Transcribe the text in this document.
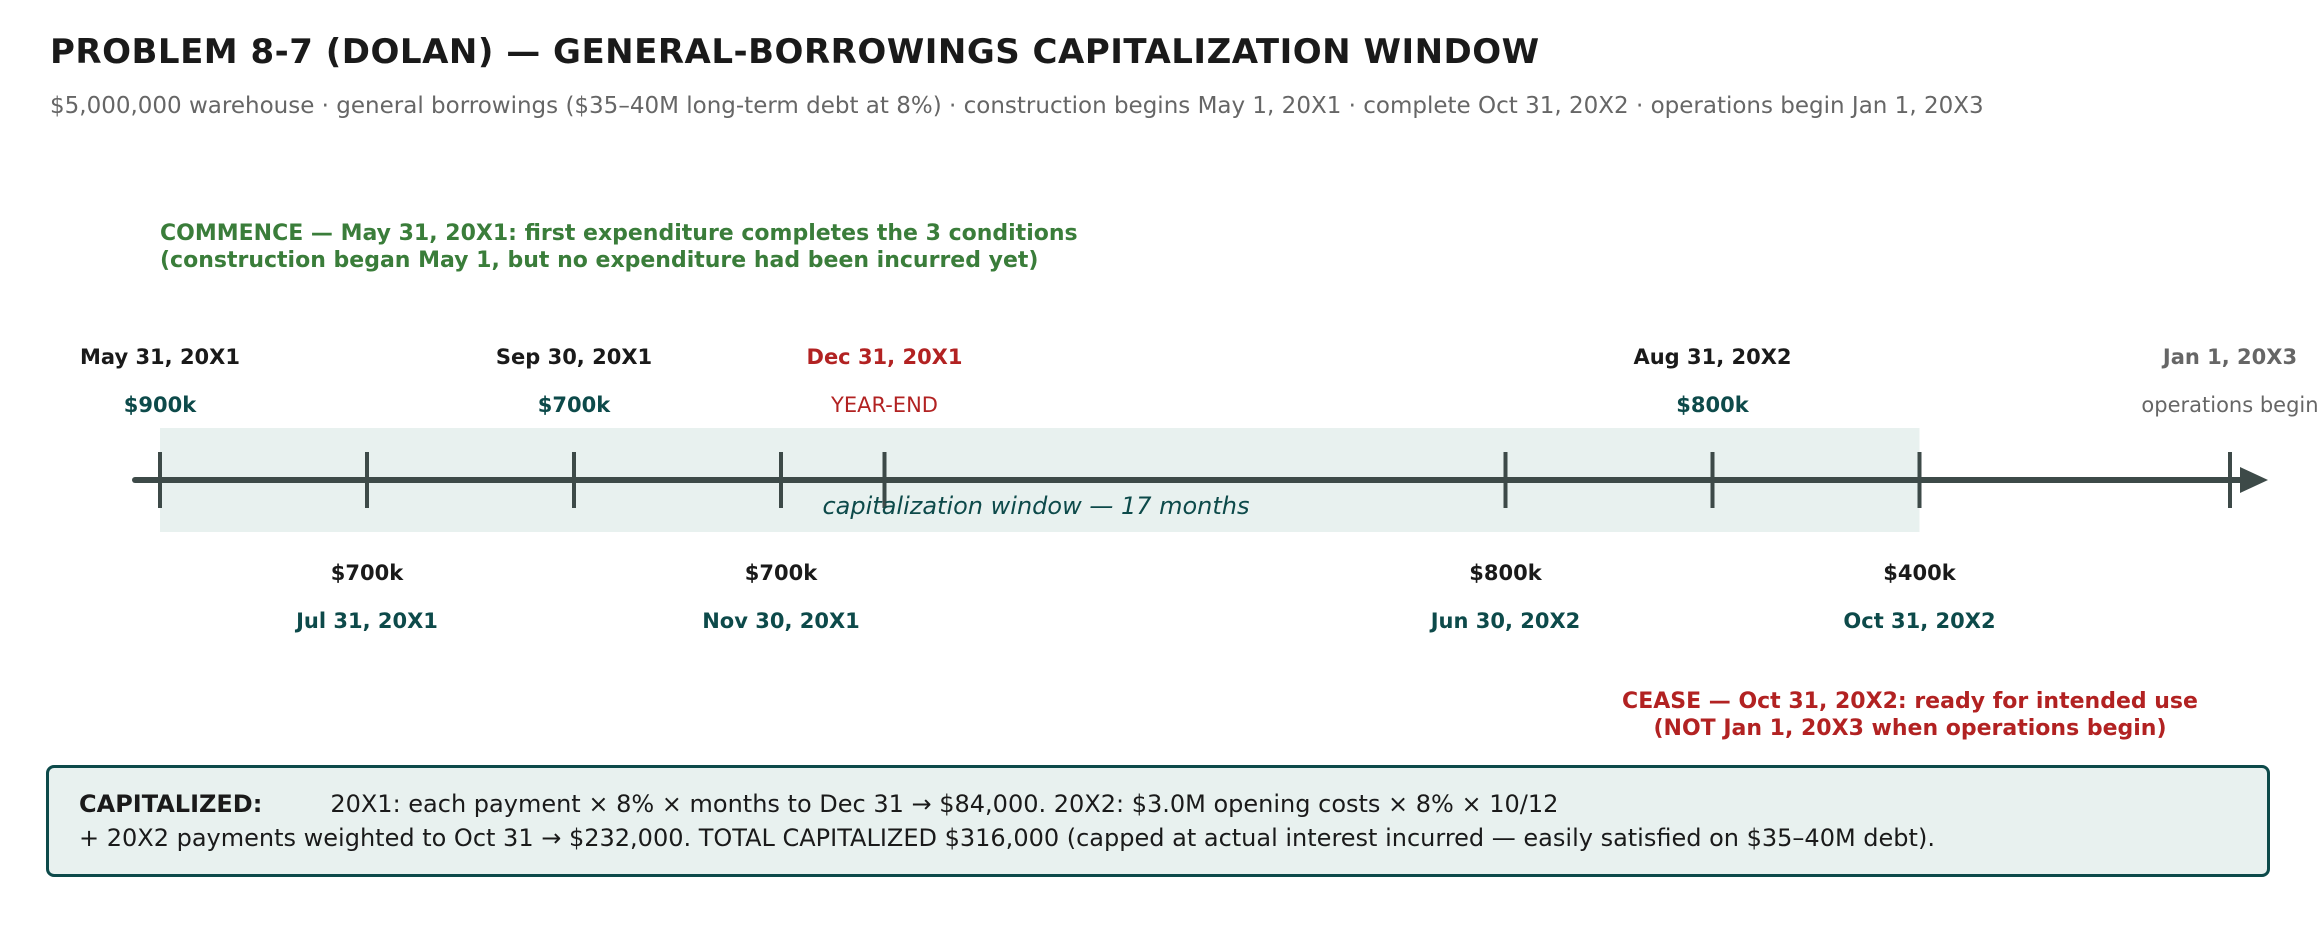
PROBLEM 8-7 (DOLAN) — GENERAL-BORROWINGS CAPITALIZATION WINDOW
$5,000,000 warehouse · general borrowings ($35–40M long-term debt at 8%) · construction begins May 1, 20X1 · complete Oct 31, 20X2 · operations begin Jan 1, 20X3
COMMENCE — May 31, 20X1: first expenditure completes the 3 conditions
(construction began May 1, but no expenditure had been incurred yet)
capitalization window — 17 months
May 31, 20X1
$900k
$700k
Jul 31, 20X1
Sep 30, 20X1
$700k
$700k
Nov 30, 20X1
Dec 31, 20X1
YEAR-END
$800k
Jun 30, 20X2
Aug 31, 20X2
$800k
$400k
Oct 31, 20X2
Jan 1, 20X3
operations begin
CEASE — Oct 31, 20X2: ready for intended use
(NOT Jan 1, 20X3 when operations begin)
CAPITALIZED:	20X1: each payment × 8% × months to Dec 31 → $84,000. 20X2: $3.0M opening costs × 8% × 10/12
+ 20X2 payments weighted to Oct 31 → $232,000. TOTAL CAPITALIZED $316,000 (capped at actual interest incurred — easily satisfied on $35–40M debt).
